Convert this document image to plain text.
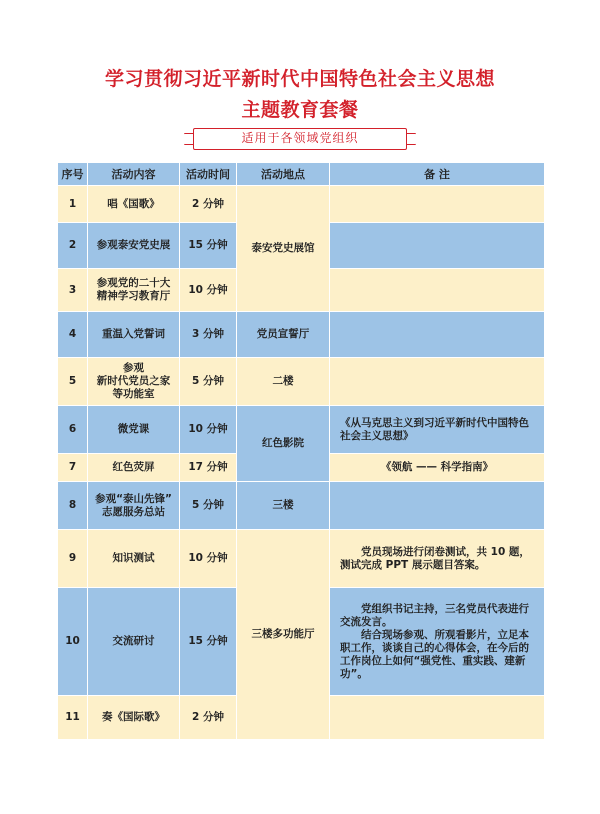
学习贯彻习近平新时代中国特色社会主义思想
主题教育套餐
适用于各领域党组织
序号	活动内容	活动时间	活动地点	备 注
1	唱《国歌》	2 分钟	泰安党史展馆	
2	参观泰安党史展	15 分钟		
3	参观党的二十大
精神学习教育厅	10 分钟		
4	重温入党誓词	3 分钟	党员宣誓厅	
5	参观
新时代党员之家
等功能室	5 分钟	二楼	
6	微党课	10 分钟	红色影院	《从马克思主义到习近平新时代中国特色社会主义思想》
7	红色荧屏	17 分钟		《领航 —— 科学指南》
8	参观“泰山先锋”
志愿服务总站	5 分钟	三楼	
9	知识测试	10 分钟	三楼多功能厅	党员现场进行闭卷测试，共 10 题，测试完成 PPT 展示题目答案。

10	交流研讨	15 分钟		党组织书记主持，三名党员代表进行交流发言。
结合现场参观、所观看影片，立足本职工作，谈谈自己的心得体会，在今后的工作岗位上如何“强党性、重实践、建新功”。

11	奏《国际歌》	2 分钟		
